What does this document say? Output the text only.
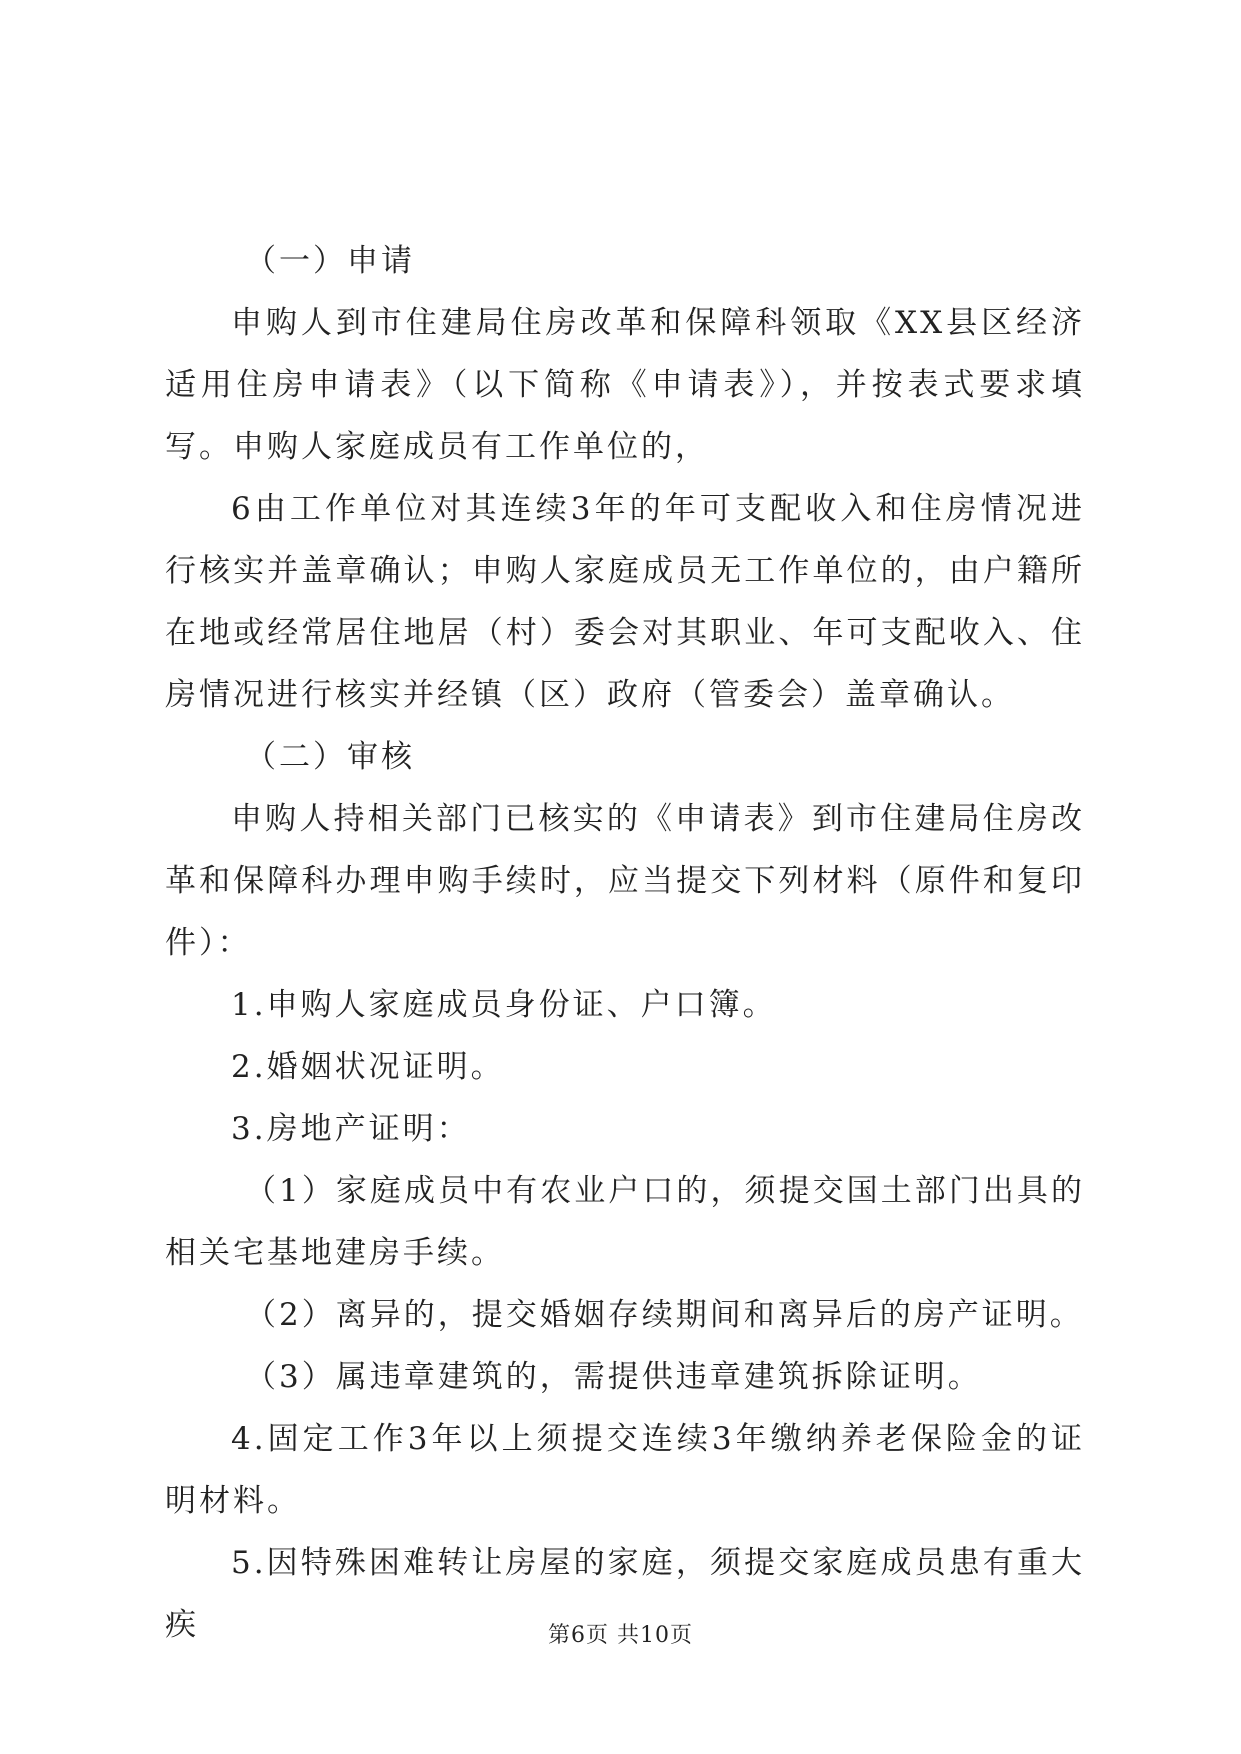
（一）申请

申购人到市住建局住房改革和保障科领取《XX县区经济适用住房申请表》（以下简称《申请表》），并按表式要求填写。申购人家庭成员有工作单位的，

6由工作单位对其连续3年的年可支配收入和住房情况进行核实并盖章确认；申购人家庭成员无工作单位的，由户籍所在地或经常居住地居（村）委会对其职业、年可支配收入、住房情况进行核实并经镇（区）政府（管委会）盖章确认。

（二）审核

申购人持相关部门已核实的《申请表》到市住建局住房改革和保障科办理申购手续时，应当提交下列材料（原件和复印件）：

1.申购人家庭成员身份证、户口簿。

2.婚姻状况证明。

3.房地产证明：

（1）家庭成员中有农业户口的，须提交国土部门出具的相关宅基地建房手续。

（2）离异的，提交婚姻存续期间和离异后的房产证明。

（3）属违章建筑的，需提供违章建筑拆除证明。

4.固定工作3年以上须提交连续3年缴纳养老保险金的证明材料。

5.因特殊困难转让房屋的家庭，须提交家庭成员患有重大疾	第6页 共10页
